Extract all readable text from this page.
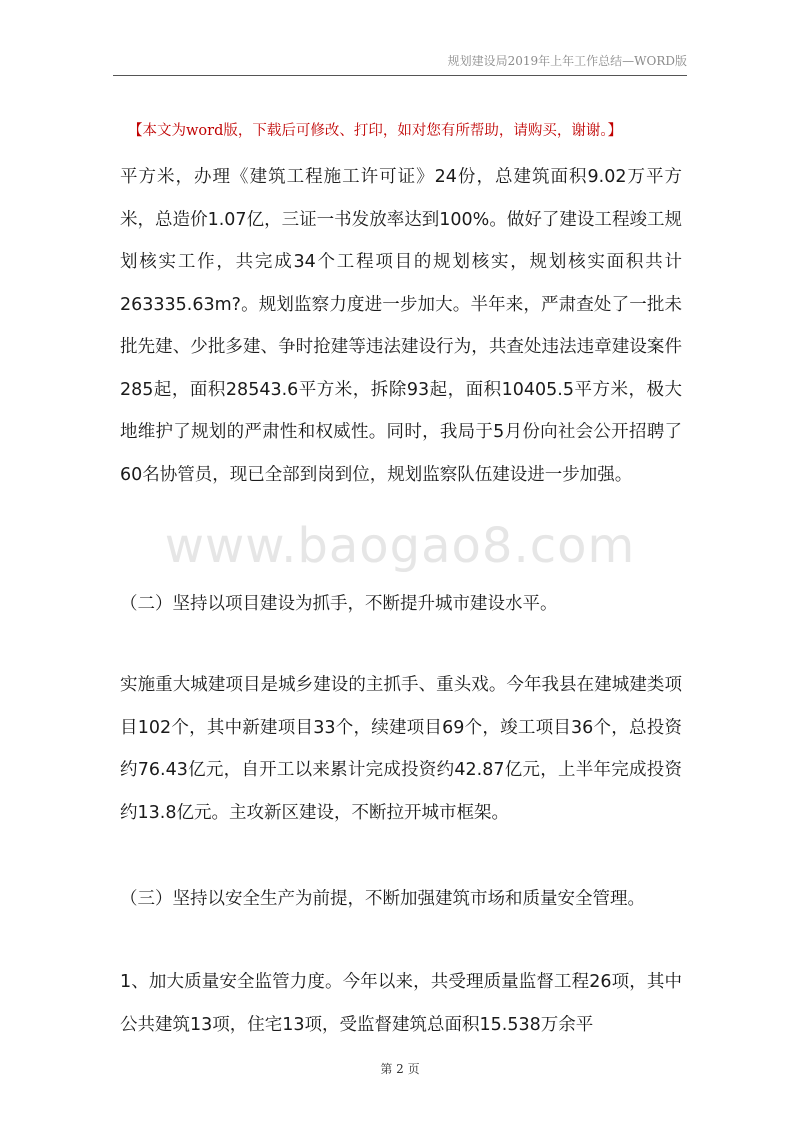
规划建设局2019年上年工作总结—WORD版
【本文为word版，下载后可修改、打印，如对您有所帮助，请购买，谢谢。】

平方米，办理《建筑工程施工许可证》24份，总建筑面积9.02万平方米，总造价1.07亿，三证一书发放率达到100%。做好了建设工程竣工规划核实工作，共完成34个工程项目的规划核实，规划核实面积共计263335.63m?。规划监察力度进一步加大。半年来，严肃查处了一批未批先建、少批多建、争时抢建等违法建设行为，共查处违法违章建设案件285起，面积28543.6平方米，拆除93起，面积10405.5平方米，极大地维护了规划的严肃性和权威性。同时，我局于5月份向社会公开招聘了60名协管员，现已全部到岗到位，规划监察队伍建设进一步加强。

www.baogao8.com

（二）坚持以项目建设为抓手，不断提升城市建设水平。

实施重大城建项目是城乡建设的主抓手、重头戏。今年我县在建城建类项目102个，其中新建项目33个，续建项目69个，竣工项目36个，总投资约76.43亿元，自开工以来累计完成投资约42.87亿元，上半年完成投资约13.8亿元。主攻新区建设，不断拉开城市框架。

（三）坚持以安全生产为前提，不断加强建筑市场和质量安全管理。

1、加大质量安全监管力度。今年以来，共受理质量监督工程26项，其中公共建筑13项，住宅13项，受监督建筑总面积15.538万余平

第 2 页
